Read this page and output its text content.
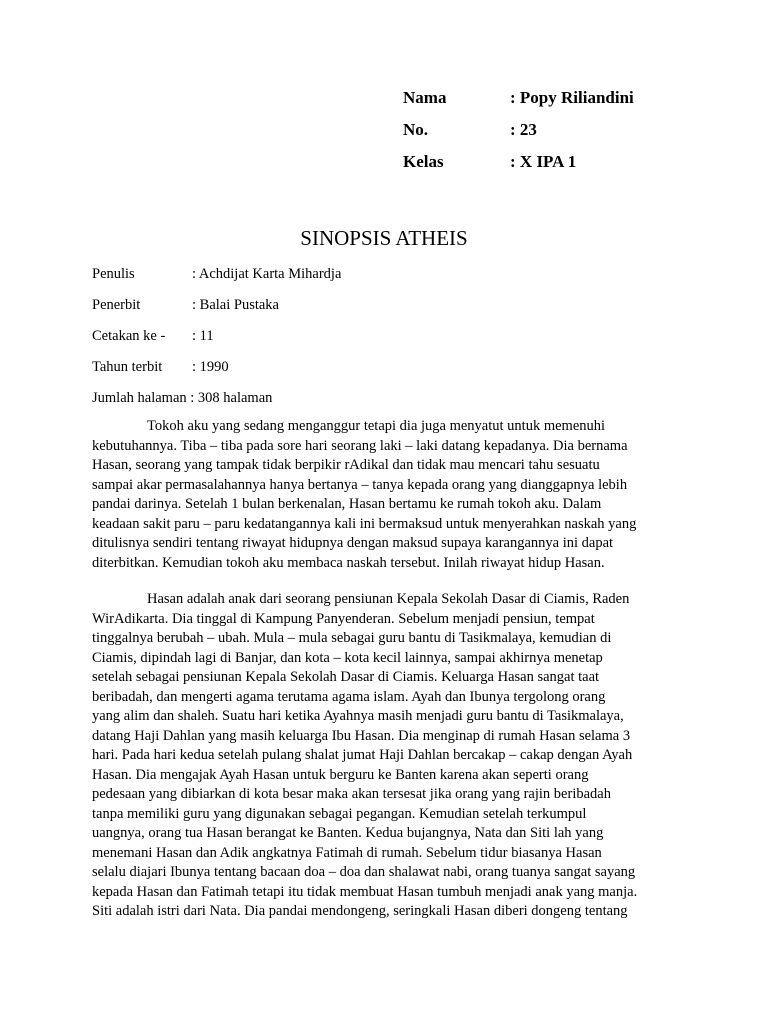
Nama	: Popy Riliandini
No.	: 23
Kelas	: X IPA 1
SINOPSIS ATHEIS
Penulis	: Achdijat Karta Mihardja
Penerbit	: Balai Pustaka
Cetakan ke - : 11
Tahun terbit : 1990
Jumlah halaman : 308 halaman
Tokoh aku yang sedang menganggur tetapi dia juga menyatut untuk memenuhi
kebutuhannya. Tiba – tiba pada sore hari seorang laki – laki datang kepadanya. Dia bernama
Hasan, seorang yang tampak tidak berpikir rAdikal dan tidak mau mencari tahu sesuatu
sampai akar permasalahannya hanya bertanya – tanya kepada orang yang dianggapnya lebih
pandai darinya. Setelah 1 bulan berkenalan, Hasan bertamu ke rumah tokoh aku. Dalam
keadaan sakit paru – paru kedatangannya kali ini bermaksud untuk menyerahkan naskah yang
ditulisnya sendiri tentang riwayat hidupnya dengan maksud supaya karangannya ini dapat
diterbitkan. Kemudian tokoh aku membaca naskah tersebut. Inilah riwayat hidup Hasan.
Hasan adalah anak dari seorang pensiunan Kepala Sekolah Dasar di Ciamis, Raden
WirAdikarta. Dia tinggal di Kampung Panyenderan. Sebelum menjadi pensiun, tempat
tinggalnya berubah – ubah. Mula – mula sebagai guru bantu di Tasikmalaya, kemudian di
Ciamis, dipindah lagi di Banjar, dan kota – kota kecil lainnya, sampai akhirnya menetap
setelah sebagai pensiunan Kepala Sekolah Dasar di Ciamis. Keluarga Hasan sangat taat
beribadah, dan mengerti agama terutama agama islam. Ayah dan Ibunya tergolong orang
yang alim dan shaleh. Suatu hari ketika Ayahnya masih menjadi guru bantu di Tasikmalaya,
datang Haji Dahlan yang masih keluarga Ibu Hasan. Dia menginap di rumah Hasan selama 3
hari. Pada hari kedua setelah pulang shalat jumat Haji Dahlan bercakap – cakap dengan Ayah
Hasan. Dia mengajak Ayah Hasan untuk berguru ke Banten karena akan seperti orang
pedesaan yang dibiarkan di kota besar maka akan tersesat jika orang yang rajin beribadah
tanpa memiliki guru yang digunakan sebagai pegangan. Kemudian setelah terkumpul
uangnya, orang tua Hasan berangat ke Banten. Kedua bujangnya, Nata dan Siti lah yang
menemani Hasan dan Adik angkatnya Fatimah di rumah. Sebelum tidur biasanya Hasan
selalu diajari Ibunya tentang bacaan doa – doa dan shalawat nabi, orang tuanya sangat sayang
kepada Hasan dan Fatimah tetapi itu tidak membuat Hasan tumbuh menjadi anak yang manja.
Siti adalah istri dari Nata. Dia pandai mendongeng, seringkali Hasan diberi dongeng tentang
